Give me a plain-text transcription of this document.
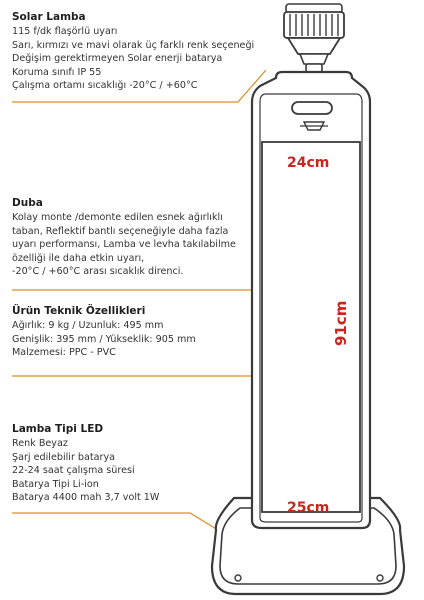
24cm
91cm
25cm
Solar Lamba
115 f/dk flaşörlü uyarı
Sarı, kırmızı ve mavi olarak üç farklı renk seçeneği
Değişim gerektirmeyen Solar enerji batarya
Koruma sınıfı IP 55
Çalışma ortamı sıcaklığı -20°C / +60°C
Duba
Kolay monte /demonte edilen esnek ağırlıklı
taban, Reflektif bantlı seçeneğiyle daha fazla
uyarı performansı, Lamba ve levha takılabilme
özelliği ile daha etkin uyarı,
-20°C / +60°C arası sıcaklık direnci.
Ürün Teknik Özellikleri
Ağırlık: 9 kg / Uzunluk: 495 mm
Genişlik: 395 mm / Yükseklik: 905 mm
Malzemesi: PPC - PVC
Lamba Tipi LED
Renk Beyaz
Şarj edilebilir batarya
22-24 saat çalışma süresi
Batarya Tipi Li-ion
Batarya 4400 mah 3,7 volt 1W
